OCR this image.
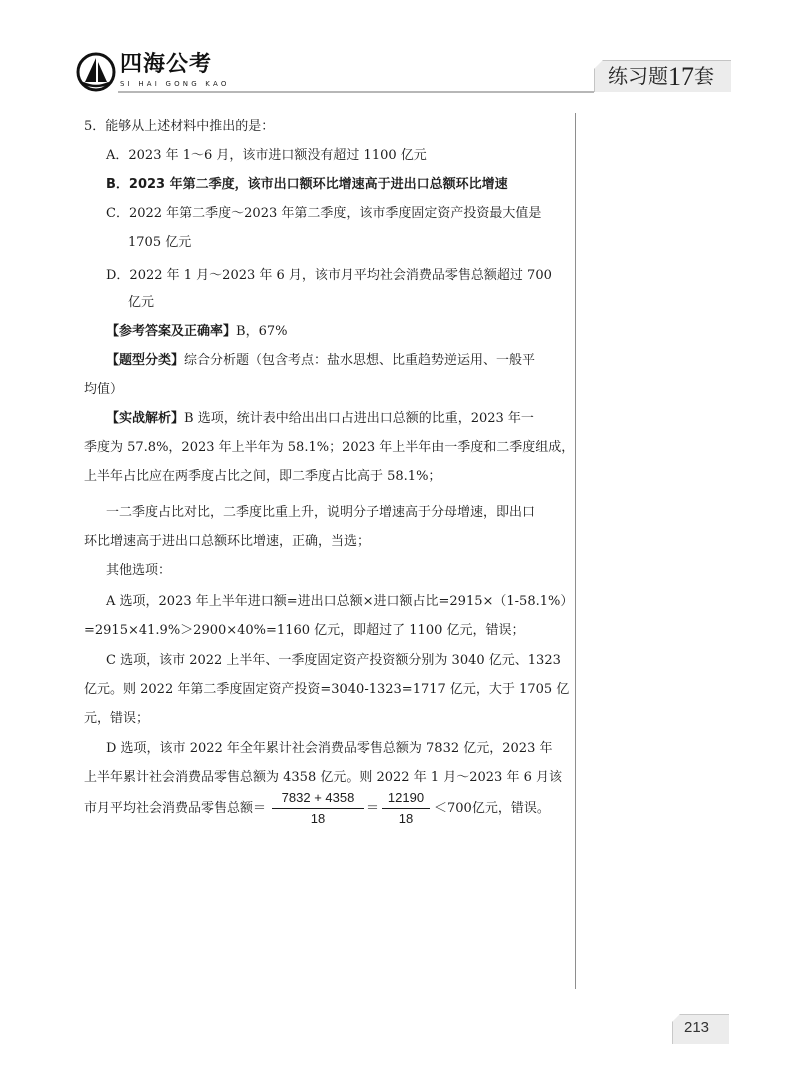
四海公考
SI HAI GONG KAO	练习题17套
5．能够从上述材料中推出的是：
A．2023 年 1～6 月，该市进口额没有超过 1100 亿元
B．2023 年第二季度，该市出口额环比增速高于进出口总额环比增速
C．2022 年第二季度～2023 年第二季度，该市季度固定资产投资最大值是
1705 亿元
D．2022 年 1 月～2023 年 6 月，该市月平均社会消费品零售总额超过 700
亿元
【参考答案及正确率】B，67%
【题型分类】综合分析题（包含考点：盐水思想、比重趋势逆运用、一般平
均值）
【实战解析】B 选项，统计表中给出出口占进出口总额的比重，2023 年一
季度为 57.8%，2023 年上半年为 58.1%；2023 年上半年由一季度和二季度组成，
上半年占比应在两季度占比之间，即二季度占比高于 58.1%；
一二季度占比对比，二季度比重上升，说明分子增速高于分母增速，即出口
环比增速高于进出口总额环比增速，正确，当选；
其他选项：
A 选项，2023 年上半年进口额=进出口总额×进口额占比=2915×（1-58.1%）
=2915×41.9%＞2900×40%=1160 亿元，即超过了 1100 亿元，错误；
C 选项，该市 2022 上半年、一季度固定资产投资额分别为 3040 亿元、1323
亿元。则 2022 年第二季度固定资产投资=3040-1323=1717 亿元，大于 1705 亿
元，错误；
D 选项，该市 2022 年全年累计社会消费品零售总额为 7832 亿元，2023 年
上半年累计社会消费品零售总额为 4358 亿元。则 2022 年 1 月～2023 年 6 月该
市月平均社会消费品零售总额＝
7832 + 4358
18
＝
12190
18
＜700亿元，错误。
213
